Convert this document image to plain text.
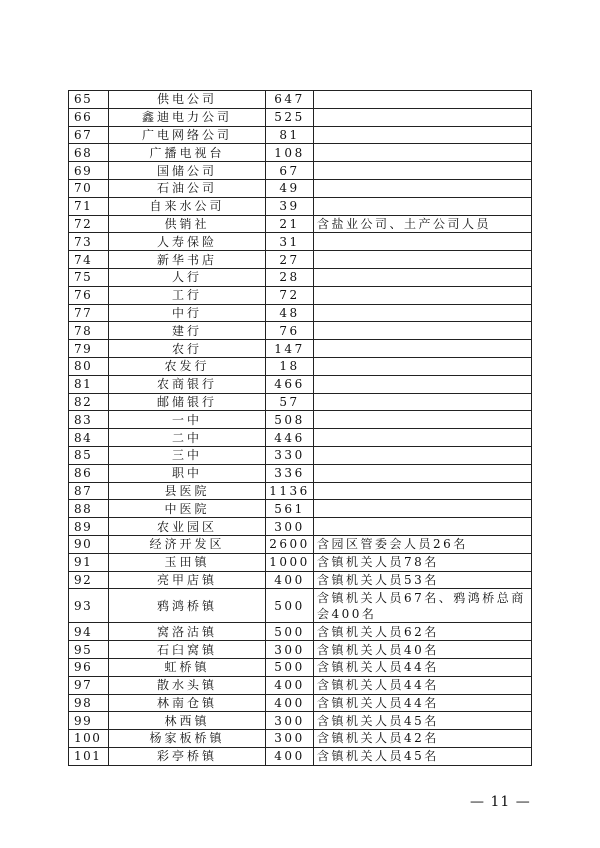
65	供电公司	647	
66	鑫迪电力公司	525	
67	广电网络公司	81	
68	广播电视台	108	
69	国储公司	67	
70	石油公司	49	
71	自来水公司	39	
72	供销社	21	含盐业公司、土产公司人员
73	人寿保险	31	
74	新华书店	27	
75	人行	28	
76	工行	72	
77	中行	48	
78	建行	76	
79	农行	147	
80	农发行	18	
81	农商银行	466	
82	邮储银行	57	
83	一中	508	
84	二中	446	
85	三中	330	
86	职中	336	
87	县医院	1136	
88	中医院	561	
89	农业园区	300	
90	经济开发区	2600	含园区管委会人员26名
91	玉田镇	1000	含镇机关人员78名
92	亮甲店镇	400	含镇机关人员53名
93	鸦鸿桥镇	500	含镇机关人员67名、鸦鸿桥总商会400名
94	窝洛沽镇	500	含镇机关人员62名
95	石臼窝镇	300	含镇机关人员40名
96	虹桥镇	500	含镇机关人员44名
97	散水头镇	400	含镇机关人员44名
98	林南仓镇	400	含镇机关人员44名
99	林西镇	300	含镇机关人员45名
100	杨家板桥镇	300	含镇机关人员42名
101	彩亭桥镇	400	含镇机关人员45名
— 11 —
